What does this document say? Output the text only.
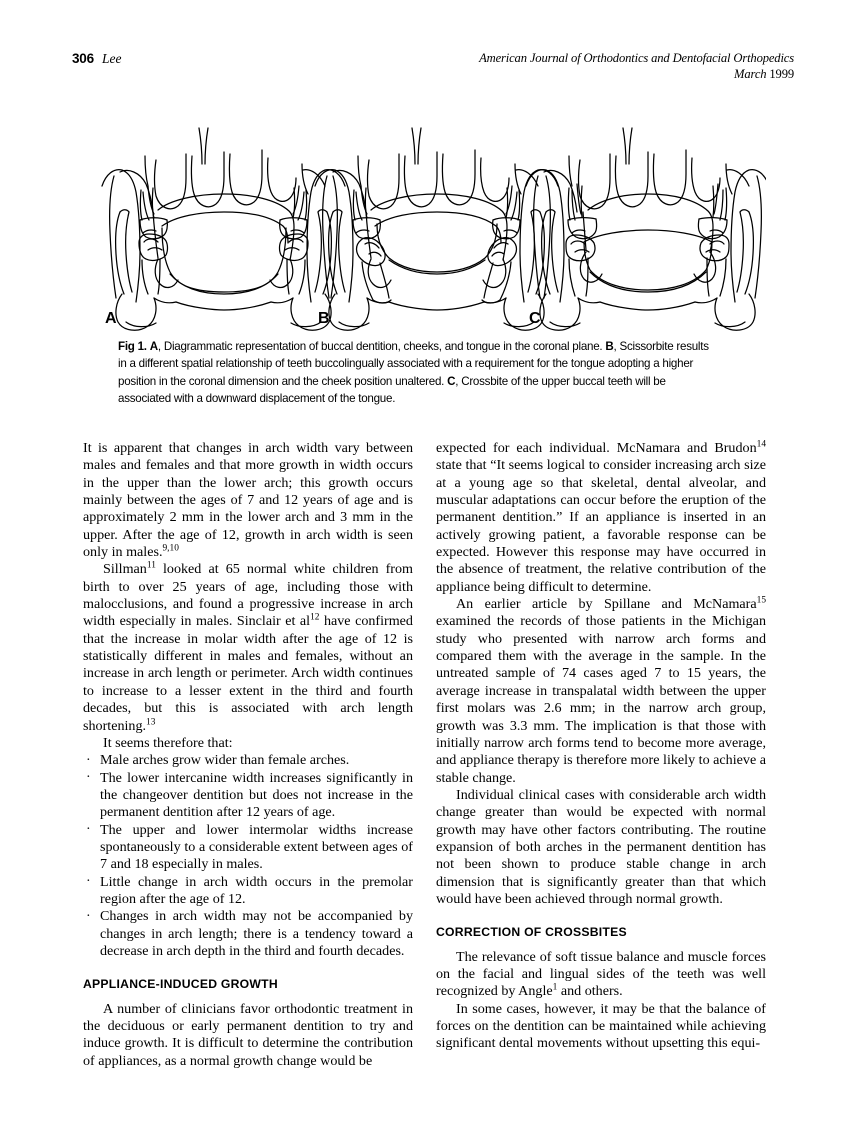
306 Lee	American Journal of Orthodontics and Dentofacial Orthopedics
March 1999
A	B	C
Fig 1. A, Diagrammatic representation of buccal dentition, cheeks, and tongue in the coronal plane. B, Scissorbite results in a different spatial relationship of teeth buccolingually associated with a requirement for the tongue adopting a higher position in the coronal dimension and the cheek position unaltered. C, Crossbite of the upper buccal teeth will be associated with a downward displacement of the tongue.

It is apparent that changes in arch width vary between males and females and that more growth in width occurs in the upper than the lower arch; this growth occurs mainly between the ages of 7 and 12 years of age and is approximately 2 mm in the lower arch and 3 mm in the upper. After the age of 12, growth in arch width is seen only in males.$^{9,10}$

Sillman$^{11}$ looked at 65 normal white children from birth to over 25 years of age, including those with malocclusions, and found a progressive increase in arch width especially in males. Sinclair et $al^{12}$ have confirmed that the increase in molar width after the age of 12 is statistically different in males and females, without an increase in arch length or perimeter. Arch width continues to increase to a lesser extent in the third and fourth decades, but this is associated with arch length shortening.$^{13}$

It seems therefore that:
· Male arches grow wider than female arches.
· The lower intercanine width increases significantly in the changeover dentition but does not increase in the permanent dentition after 12 years of age.
· The upper and lower intermolar widths increase spontaneously to a considerable extent between ages of 7 and 18 especially in males.
· Little change in arch width occurs in the premolar region after the age of 12.
· Changes in arch width may not be accompanied by changes in arch length; there is a tendency toward a decrease in arch depth in the third and fourth decades.
APPLIANCE-INDUCED GROWTH

A number of clinicians favor orthodontic treatment in the deciduous or early permanent dentition to try and induce growth. It is difficult to determine the contribution of appliances, as a normal growth change would be

expected for each individual. McNamara and Brudon$^{14}$ state that “It seems logical to consider increasing arch size at a young age so that skeletal, dental alveolar, and muscular adaptations can occur before the eruption of the permanent dentition.” If an appliance is inserted in an actively growing patient, a favorable response can be expected. However this response may have occurred in the absence of treatment, the relative contribution of the appliance being difficult to determine.

An earlier article by Spillane and McNamara$^{15}$ examined the records of those patients in the Michigan study who presented with narrow arch forms and compared them with the average in the sample. In the untreated sample of 74 cases aged 7 to 15 years, the average increase in transpalatal width between the upper first molars was 2.6 mm; in the narrow arch group, growth was 3.3 mm. The implication is that those with initially narrow arch forms tend to become more average, and appliance therapy is therefore more likely to achieve a stable change.

Individual clinical cases with considerable arch width change greater than would be expected with normal growth may have other factors contributing. The routine expansion of both arches in the permanent dentition has not been shown to produce stable change in arch dimension that is significantly greater than that which would have been achieved through normal growth.

CORRECTION OF CROSSBITES

The relevance of soft tissue balance and muscle forces on the facial and lingual sides of the teeth was well recognized by Angle$^1$ and others.

In some cases, however, it may be that the balance of forces on the dentition can be maintained while achieving significant dental movements without upsetting this equi-
